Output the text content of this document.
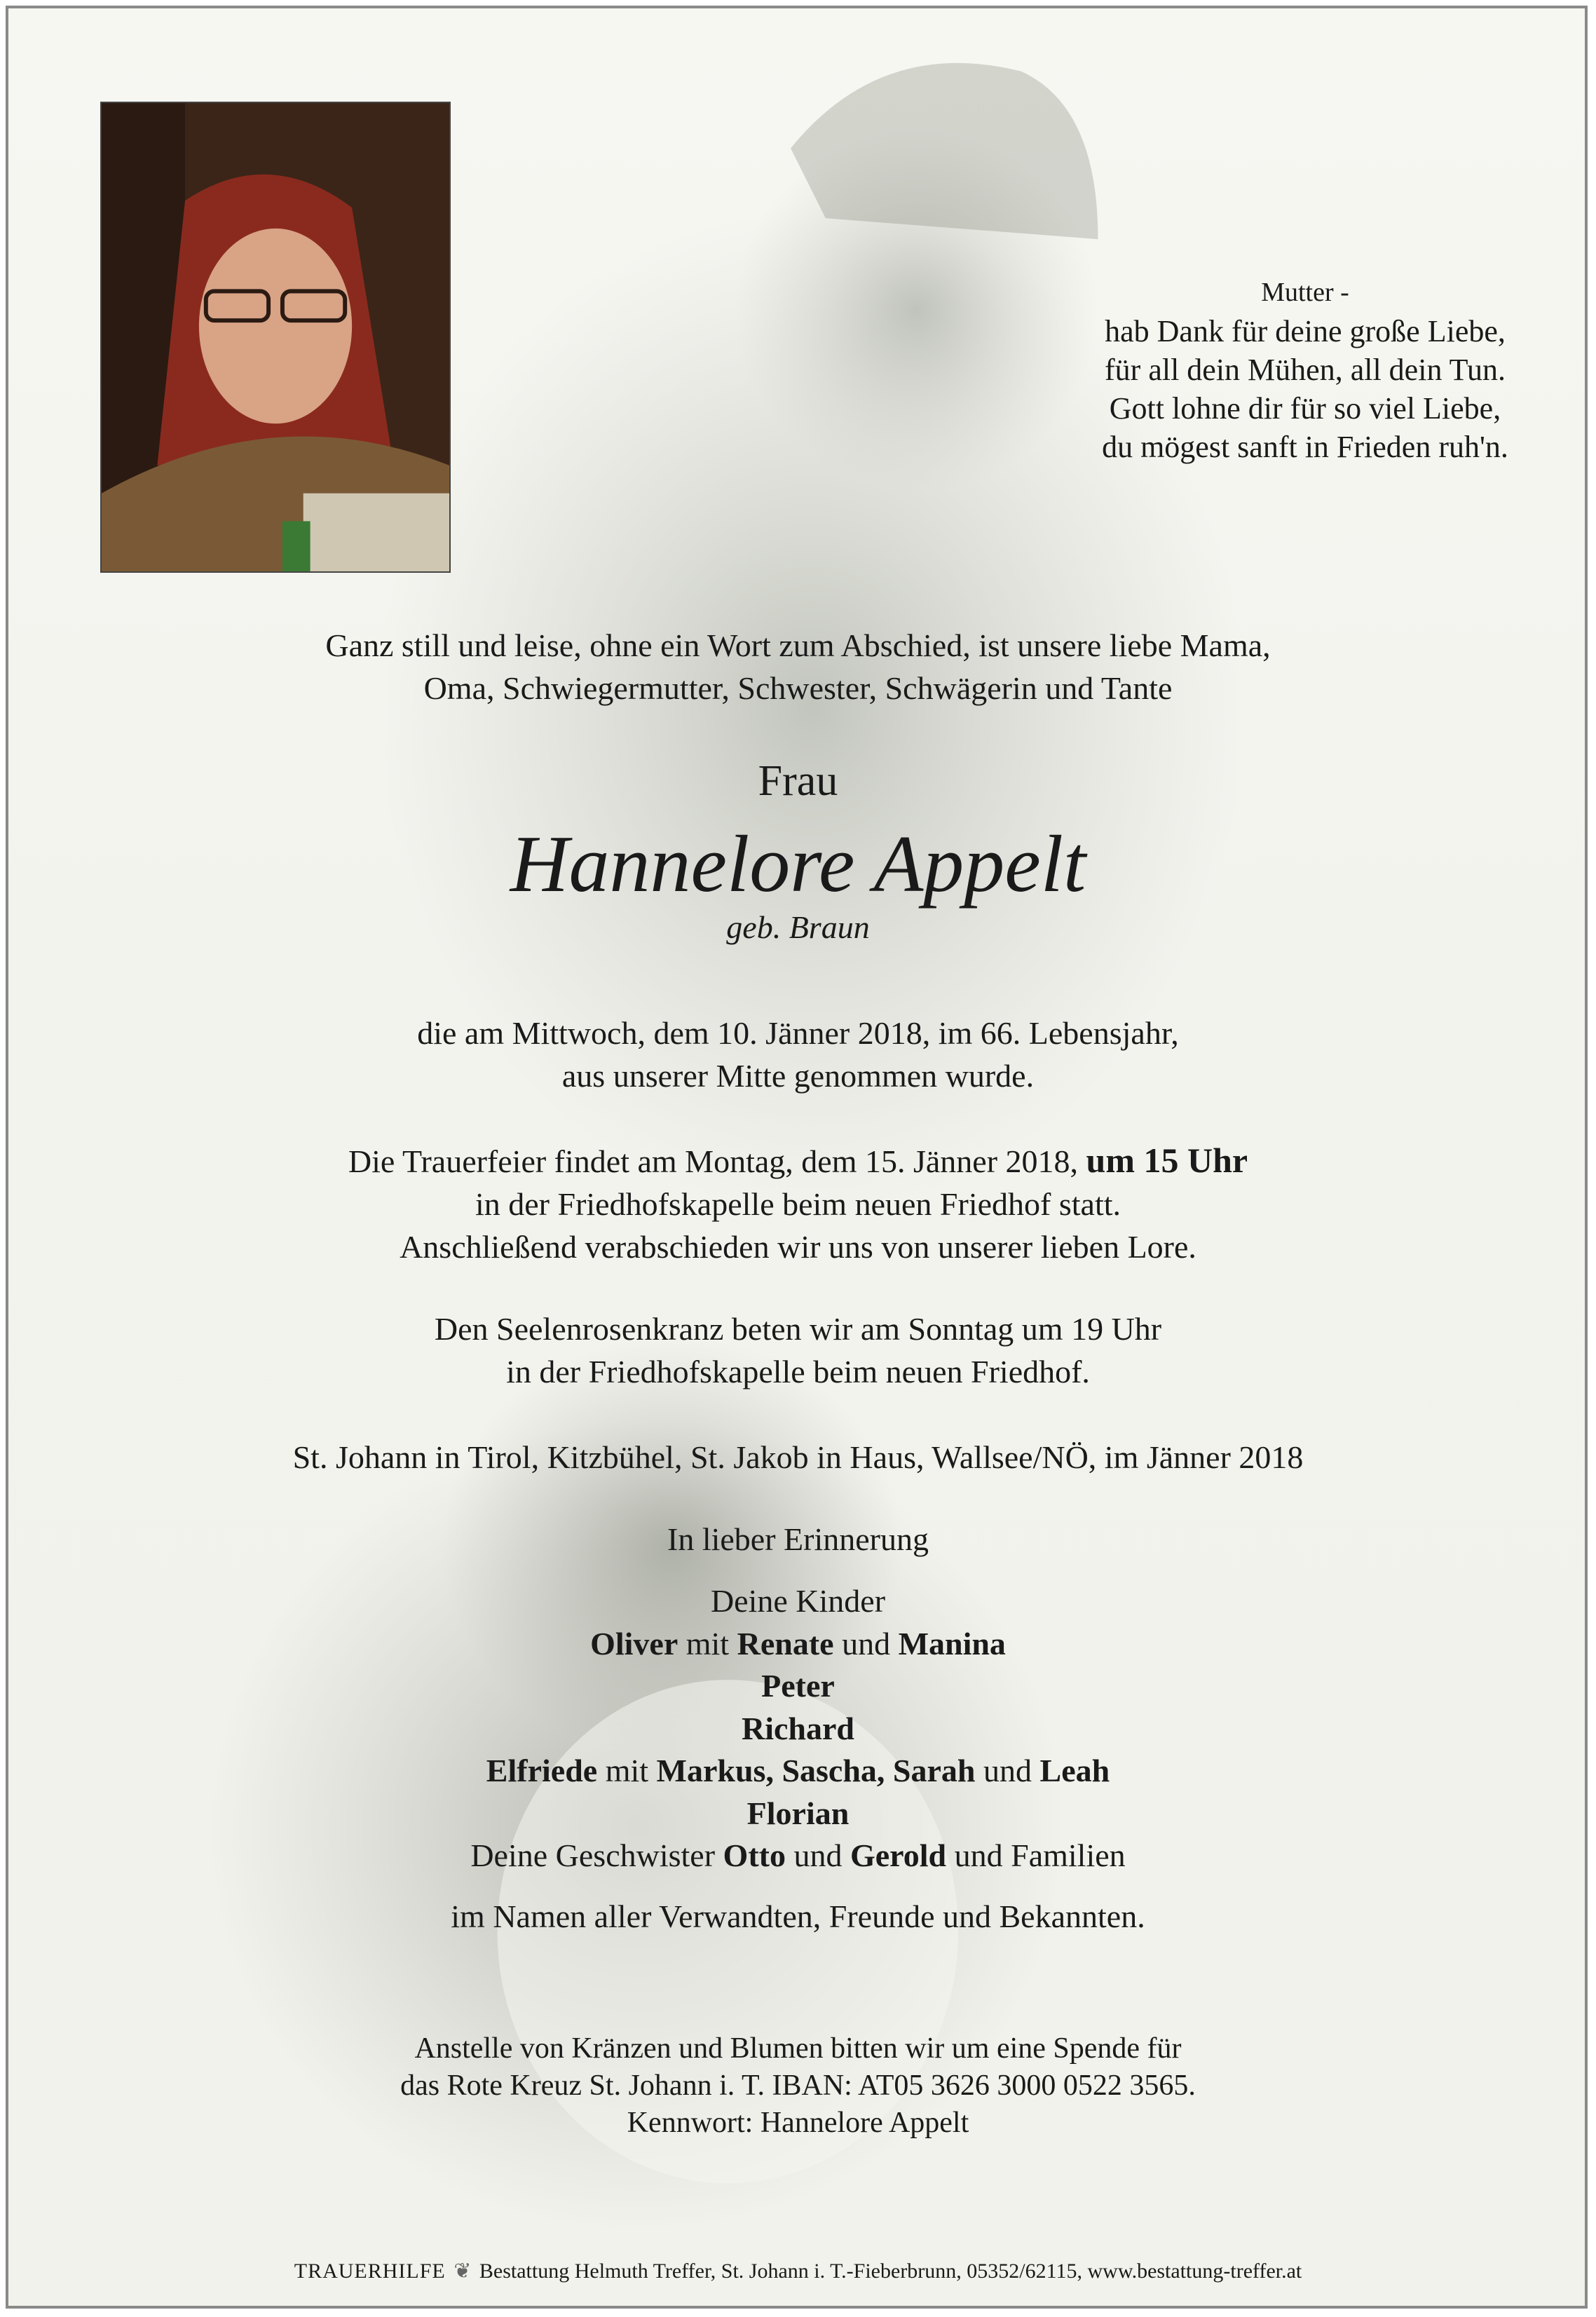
Mutter -
hab Dank für deine große Liebe,
für all dein Mühen, all dein Tun.
Gott lohne dir für so viel Liebe,
du mögest sanft in Frieden ruh'n.
Ganz still und leise, ohne ein Wort zum Abschied, ist unsere liebe Mama,
Oma, Schwiegermutter, Schwester, Schwägerin und Tante
Frau
Hannelore Appelt
geb. Braun
die am Mittwoch, dem 10. Jänner 2018, im 66. Lebensjahr,
aus unserer Mitte genommen wurde.
Die Trauerfeier findet am Montag, dem 15. Jänner 2018, um 15 Uhr
in der Friedhofskapelle beim neuen Friedhof statt.
Anschließend verabschieden wir uns von unserer lieben Lore.
Den Seelenrosenkranz beten wir am Sonntag um 19 Uhr
in der Friedhofskapelle beim neuen Friedhof.
St. Johann in Tirol, Kitzbühel, St. Jakob in Haus, Wallsee/NÖ, im Jänner 2018
In lieber Erinnerung
Deine Kinder
Oliver mit Renate und Manina
Peter
Richard
Elfriede mit Markus, Sascha, Sarah und Leah
Florian
Deine Geschwister Otto und Gerold und Familien
im Namen aller Verwandten, Freunde und Bekannten.
Anstelle von Kränzen und Blumen bitten wir um eine Spende für
das Rote Kreuz St. Johann i. T. IBAN: AT05 3626 3000 0522 3565.
Kennwort: Hannelore Appelt
TRAUERHILFE ❦ Bestattung Helmuth Treffer, St. Johann i. T.-Fieberbrunn, 05352/62115, www.bestattung-treffer.at
